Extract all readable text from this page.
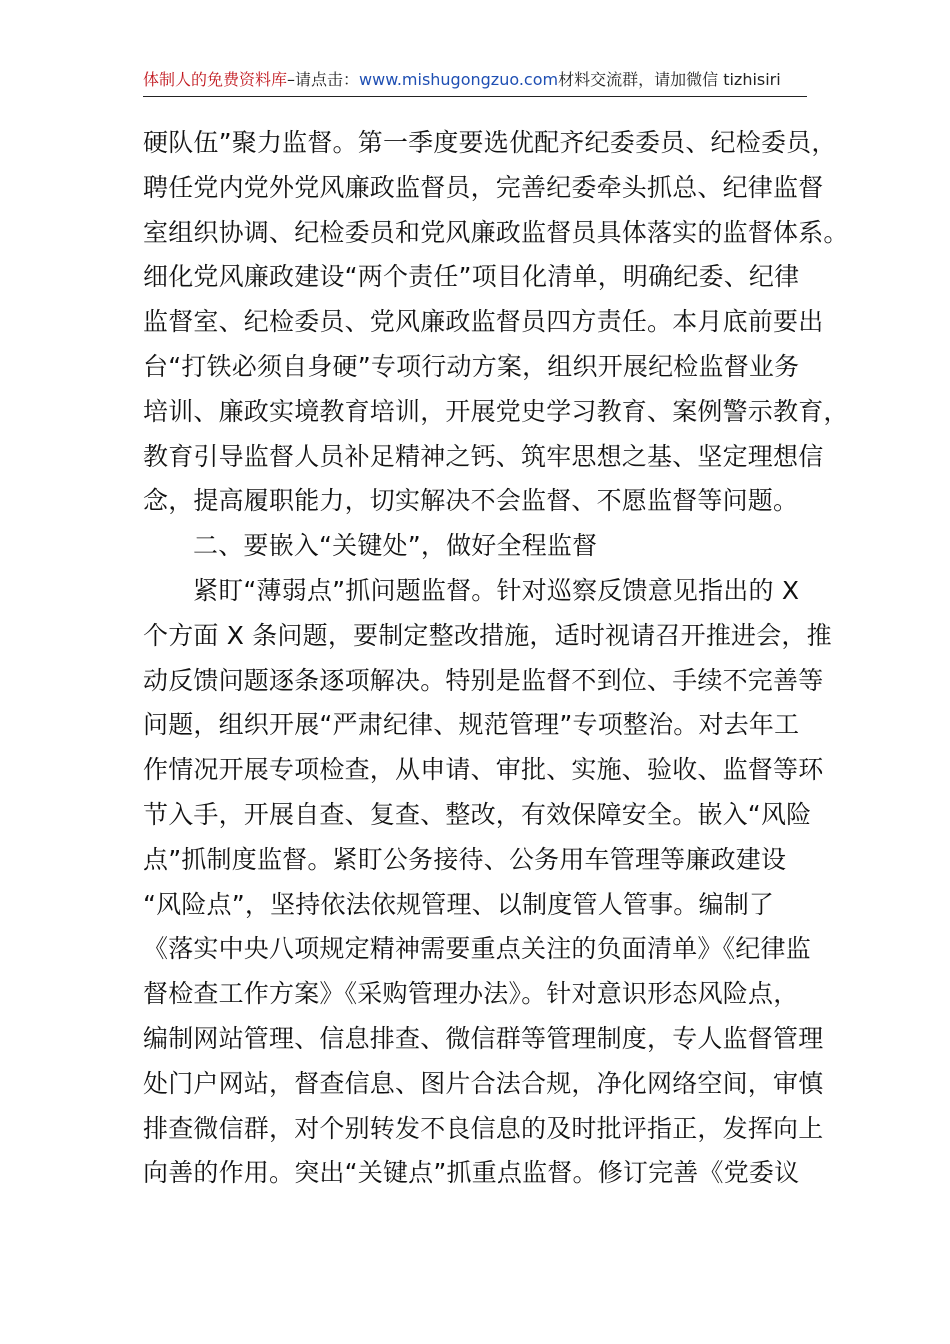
体制人的免费资料库–请点击：www.mishugongzuo.com材料交流群，请加微信 tizhisiri
硬队伍”聚力监督。第一季度要选优配齐纪委委员、纪检委员，
聘任党内党外党风廉政监督员，完善纪委牵头抓总、纪律监督
室组织协调、纪检委员和党风廉政监督员具体落实的监督体系。
细化党风廉政建设“两个责任”项目化清单，明确纪委、纪律
监督室、纪检委员、党风廉政监督员四方责任。本月底前要出
台“打铁必须自身硬”专项行动方案，组织开展纪检监督业务
培训、廉政实境教育培训，开展党史学习教育、案例警示教育，
教育引导监督人员补足精神之钙、筑牢思想之基、坚定理想信
念，提高履职能力，切实解决不会监督、不愿监督等问题。
二、要嵌入“关键处”，做好全程监督
紧盯“薄弱点”抓问题监督。针对巡察反馈意见指出的 X
个方面 X 条问题，要制定整改措施，适时视请召开推进会，推
动反馈问题逐条逐项解决。特别是监督不到位、手续不完善等
问题，组织开展“严肃纪律、规范管理”专项整治。对去年工
作情况开展专项检查，从申请、审批、实施、验收、监督等环
节入手，开展自查、复查、整改，有效保障安全。嵌入“风险
点”抓制度监督。紧盯公务接待、公务用车管理等廉政建设
“风险点”，坚持依法依规管理、以制度管人管事。编制了
《落实中央八项规定精神需要重点关注的负面清单》《纪律监
督检查工作方案》《采购管理办法》。针对意识形态风险点，
编制网站管理、信息排查、微信群等管理制度，专人监督管理
处门户网站，督查信息、图片合法合规，净化网络空间，审慎
排查微信群，对个别转发不良信息的及时批评指正，发挥向上
向善的作用。突出“关键点”抓重点监督。修订完善《党委议
